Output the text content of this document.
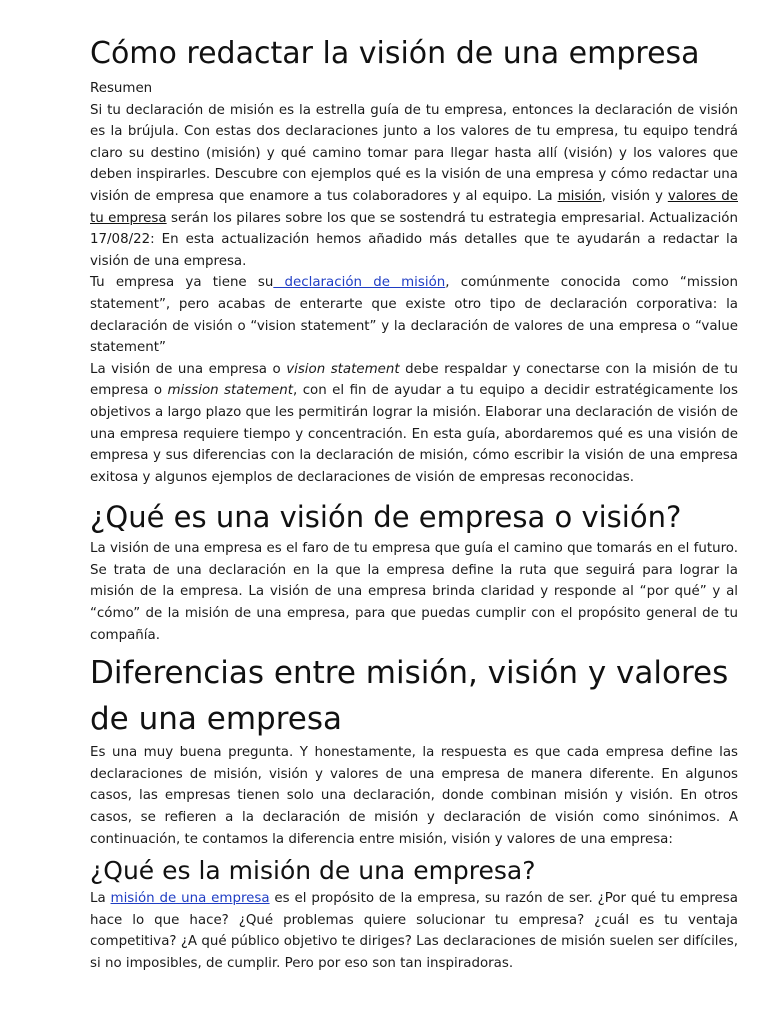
Cómo redactar la visión de una empresa

Resumen

Si tu declaración de misión es la estrella guía de tu empresa, entonces la declaración de visión es la brújula. Con estas dos declaraciones junto a los valores de tu empresa, tu equipo tendrá claro su destino (misión) y qué camino tomar para llegar hasta allí (visión) y los valores que deben inspirarles. Descubre con ejemplos qué es la visión de una empresa y cómo redactar una visión de empresa que enamore a tus colaboradores y al equipo. La misión, visión y valores de tu empresa serán los pilares sobre los que se sostendrá tu estrategia empresarial. Actualización 17/08/22: En esta actualización hemos añadido más detalles que te ayudarán a redactar la visión de una empresa.

Tu empresa ya tiene su declaración de misión, comúnmente conocida como “mission statement”, pero acabas de enterarte que existe otro tipo de declaración corporativa: la declaración de visión o “vision statement” y la declaración de valores de una empresa o “value statement”

La visión de una empresa o vision statement debe respaldar y conectarse con la misión de tu empresa o mission statement, con el fin de ayudar a tu equipo a decidir estratégicamente los objetivos a largo plazo que les permitirán lograr la misión. Elaborar una declaración de visión de una empresa requiere tiempo y concentración. En esta guía, abordaremos qué es una visión de empresa y sus diferencias con la declaración de misión, cómo escribir la visión de una empresa exitosa y algunos ejemplos de declaraciones de visión de empresas reconocidas.

¿Qué es una visión de empresa o visión?

La visión de una empresa es el faro de tu empresa que guía el camino que tomarás en el futuro. Se trata de una declaración en la que la empresa define la ruta que seguirá para lograr la misión de la empresa. La visión de una empresa brinda claridad y responde al “por qué” y al “cómo” de la misión de una empresa, para que puedas cumplir con el propósito general de tu compañía.

Diferencias entre misión, visión y valores de una empresa

Es una muy buena pregunta. Y honestamente, la respuesta es que cada empresa define las declaraciones de misión, visión y valores de una empresa de manera diferente. En algunos casos, las empresas tienen solo una declaración, donde combinan misión y visión. En otros casos, se refieren a la declaración de misión y declaración de visión como sinónimos. A continuación, te contamos la diferencia entre misión, visión y valores de una empresa:

¿Qué es la misión de una empresa?

La misión de una empresa es el propósito de la empresa, su razón de ser. ¿Por qué tu empresa hace lo que hace? ¿Qué problemas quiere solucionar tu empresa? ¿cuál es tu ventaja competitiva? ¿A qué público objetivo te diriges? Las declaraciones de misión suelen ser difíciles, si no imposibles, de cumplir. Pero por eso son tan inspiradoras.
